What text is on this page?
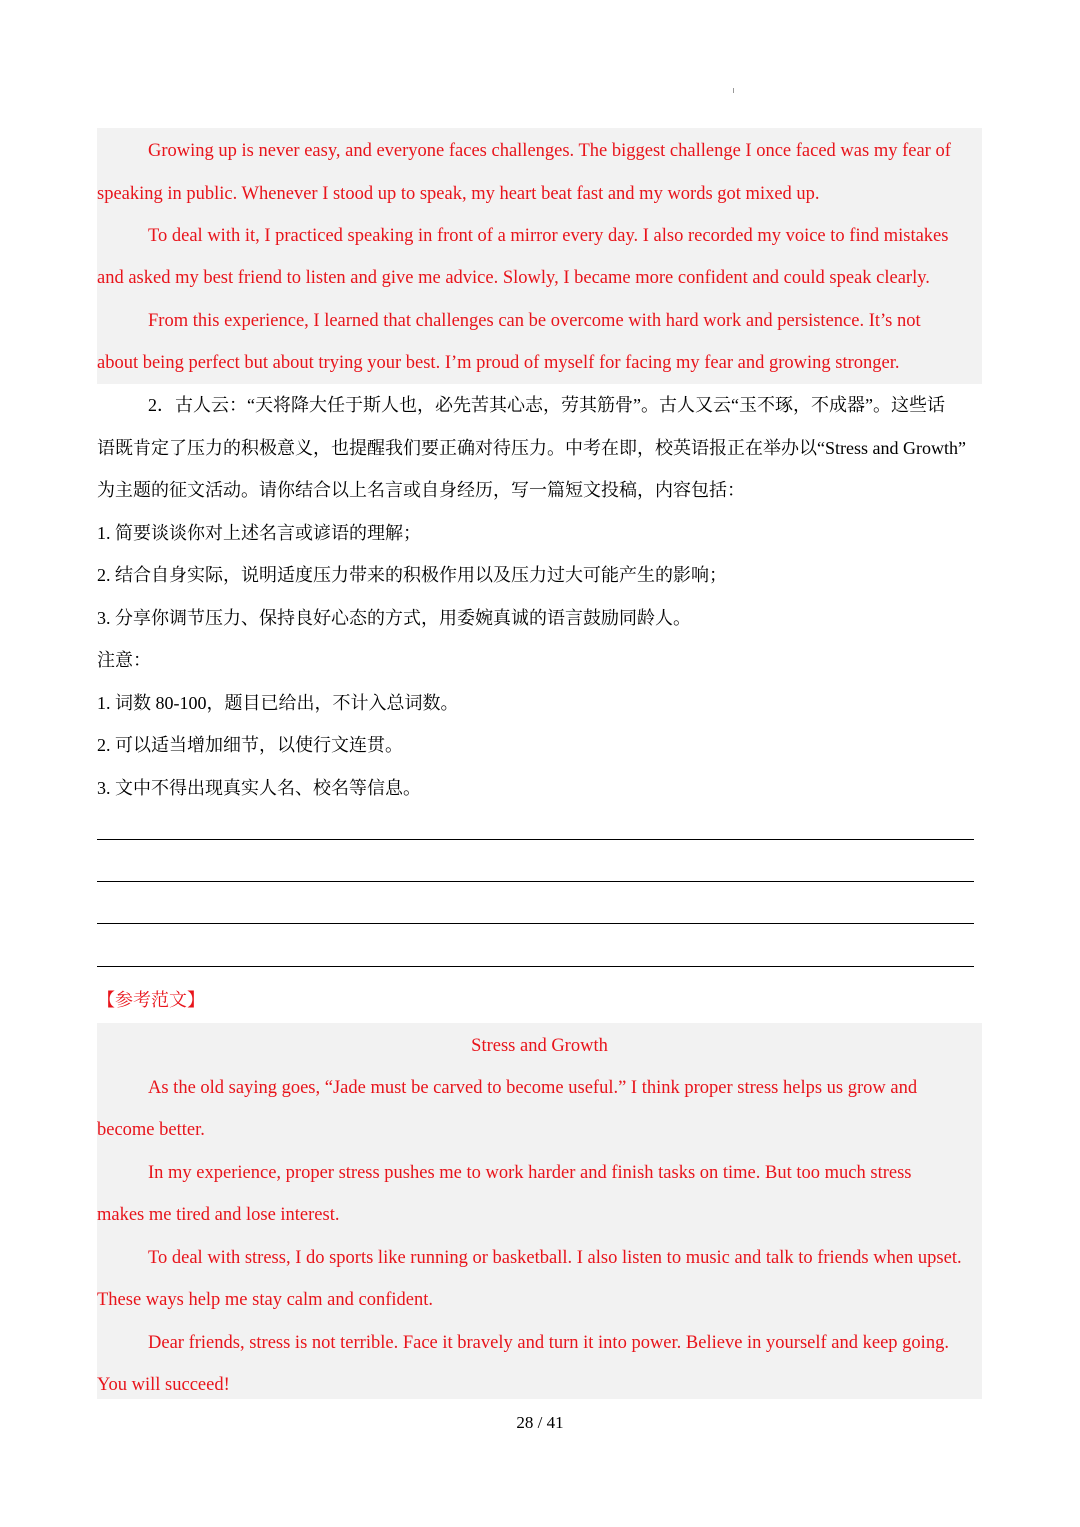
Growing up is never easy, and everyone faces challenges. The biggest challenge I once faced was my fear of
speaking in public. Whenever I stood up to speak, my heart beat fast and my words got mixed up.
To deal with it, I practiced speaking in front of a mirror every day. I also recorded my voice to find mistakes
and asked my best friend to listen and give me advice. Slowly, I became more confident and could speak clearly.
From this experience, I learned that challenges can be overcome with hard work and persistence. It’s not
about being perfect but about trying your best. I’m proud of myself for facing my fear and growing stronger.
2．古人云：“天将降大任于斯人也，必先苦其心志，劳其筋骨”。古人又云“玉不琢，不成器”。这些话
语既肯定了压力的积极意义，也提醒我们要正确对待压力。中考在即，校英语报正在举办以“Stress and Growth”
为主题的征文活动。请你结合以上名言或自身经历，写一篇短文投稿，内容包括：
1. 简要谈谈你对上述名言或谚语的理解；
2. 结合自身实际，说明适度压力带来的积极作用以及压力过大可能产生的影响；
3. 分享你调节压力、保持良好心态的方式，用委婉真诚的语言鼓励同龄人。
注意：
1. 词数 80-100，题目已给出，不计入总词数。
2. 可以适当增加细节，以使行文连贯。
3. 文中不得出现真实人名、校名等信息。
【参考范文】
Stress and Growth
As the old saying goes, “Jade must be carved to become useful.” I think proper stress helps us grow and
become better.
In my experience, proper stress pushes me to work harder and finish tasks on time. But too much stress
makes me tired and lose interest.
To deal with stress, I do sports like running or basketball. I also listen to music and talk to friends when upset.
These ways help me stay calm and confident.
Dear friends, stress is not terrible. Face it bravely and turn it into power. Believe in yourself and keep going.
You will succeed!
28 / 41
